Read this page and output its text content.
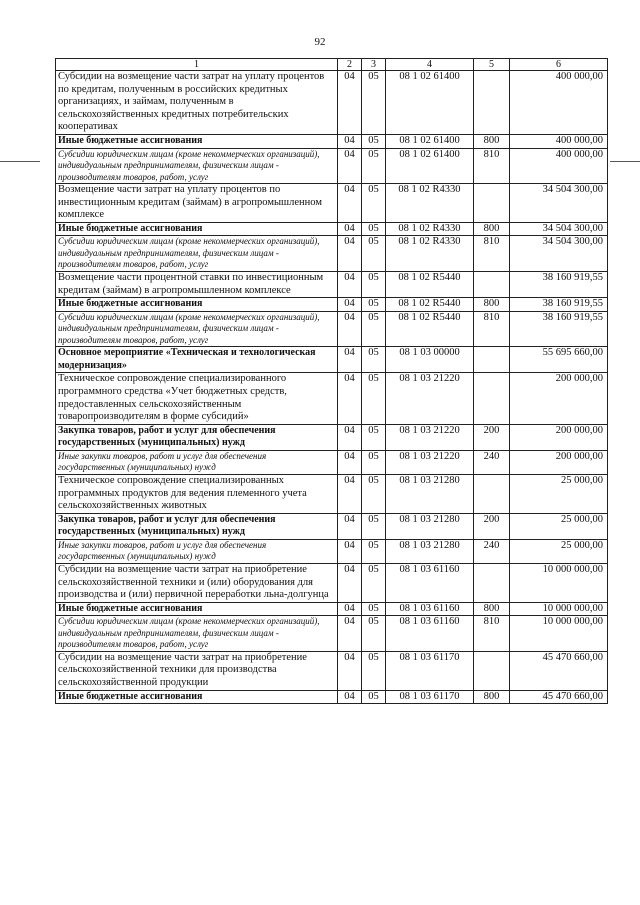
92
1	2	3	4	5	6
Субсидии на возмещение части затрат на уплату процентов по кредитам, полученным в российских кредитных организациях, и займам, полученным в сельскохозяйственных кредитных потребительских кооперативах	04	05	08 1 02 61400		400 000,00
Иные бюджетные ассигнования	04	05	08 1 02 61400	800	400 000,00
Субсидии юридическим лицам (кроме некоммерческих организаций), индивидуальным предпринимателям, физическим лицам - производителям товаров, работ, услуг	04	05	08 1 02 61400	810	400 000,00
Возмещение части затрат на уплату процентов по инвестиционным кредитам (займам) в агропромышленном комплексе	04	05	08 1 02 R4330		34 504 300,00
Иные бюджетные ассигнования	04	05	08 1 02 R4330	800	34 504 300,00
Субсидии юридическим лицам (кроме некоммерческих организаций), индивидуальным предпринимателям, физическим лицам - производителям товаров, работ, услуг	04	05	08 1 02 R4330	810	34 504 300,00
Возмещение части процентной ставки по инвестиционным кредитам (займам) в агропромышленном комплексе	04	05	08 1 02 R5440		38 160 919,55
Иные бюджетные ассигнования	04	05	08 1 02 R5440	800	38 160 919,55
Субсидии юридическим лицам (кроме некоммерческих организаций), индивидуальным предпринимателям, физическим лицам - производителям товаров, работ, услуг	04	05	08 1 02 R5440	810	38 160 919,55
Основное мероприятие «Техническая и технологическая модернизация»	04	05	08 1 03 00000		55 695 660,00
Техническое сопровождение специализированного программного средства «Учет бюджетных средств, предоставленных сельскохозяйственным товаропроизводителям в форме субсидий»	04	05	08 1 03 21220		200 000,00
Закупка товаров, работ и услуг для обеспечения государственных (муниципальных) нужд	04	05	08 1 03 21220	200	200 000,00
Иные закупки товаров, работ и услуг для обеспечения государственных (муниципальных) нужд	04	05	08 1 03 21220	240	200 000,00
Техническое сопровождение специализированных программных продуктов для ведения племенного учета сельскохозяйственных животных	04	05	08 1 03 21280		25 000,00
Закупка товаров, работ и услуг для обеспечения государственных (муниципальных) нужд	04	05	08 1 03 21280	200	25 000,00
Иные закупки товаров, работ и услуг для обеспечения государственных (муниципальных) нужд	04	05	08 1 03 21280	240	25 000,00
Субсидии на возмещение части затрат на приобретение сельскохозяйственной техники и (или) оборудования для производства и (или) первичной переработки льна-долгунца	04	05	08 1 03 61160		10 000 000,00
Иные бюджетные ассигнования	04	05	08 1 03 61160	800	10 000 000,00
Субсидии юридическим лицам (кроме некоммерческих организаций), индивидуальным предпринимателям, физическим лицам - производителям товаров, работ, услуг	04	05	08 1 03 61160	810	10 000 000,00
Субсидии на возмещение части затрат на приобретение сельскохозяйственной техники для производства сельскохозяйственной продукции	04	05	08 1 03 61170		45 470 660,00
Иные бюджетные ассигнования	04	05	08 1 03 61170	800	45 470 660,00
